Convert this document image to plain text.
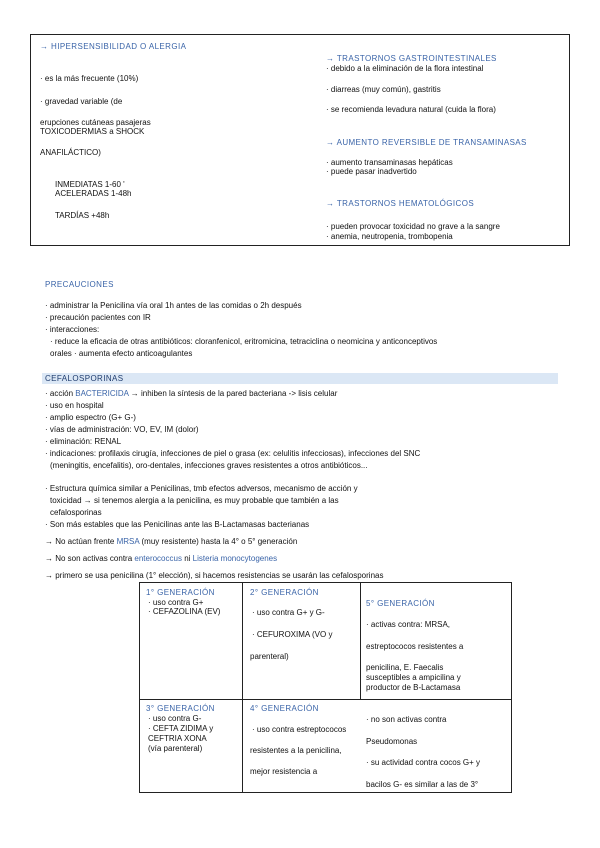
→ HIPERSENSIBILIDAD O ALERGIA
· es la más frecuente (10%)
· gravedad variable (de
erupciones cutáneas pasajeras
TOXICODERMIAS a SHOCK
ANAFILÁCTICO)
INMEDIATAS 1-60 '
ACELERADAS 1-48h
TARDÍAS +48h
→ TRASTORNOS GASTROINTESTINALES
· debido a la eliminación de la flora intestinal
· diarreas (muy común), gastritis
· se recomienda levadura natural (cuida la flora)
→ AUMENTO REVERSIBLE DE TRANSAMINASAS
· aumento transaminasas hepáticas
· puede pasar inadvertido
→ TRASTORNOS HEMATOLÓGICOS
· pueden provocar toxicidad no grave a la sangre
· anemia, neutropenia, trombopenia
PRECAUCIONES
· administrar la Penicilina vía oral 1h antes de las comidas o 2h después
· precaución pacientes con IR
· interacciones:
· reduce la eficacia de otras antibióticos: cloranfenicol, eritromicina, tetraciclina o neomicina y anticonceptivos
orales · aumenta efecto anticoagulantes
CEFALOSPORINAS
· acción BACTERICIDA → inhiben la síntesis de la pared bacteriana -> lisis celular
· uso en hospital
· amplio espectro (G+ G-)
· vías de administración: VO, EV, IM (dolor)
· eliminación: RENAL
· indicaciones: profilaxis cirugía, infecciones de piel o grasa (ex: celulitis infecciosas), infecciones del SNC
(meningitis, encefalitis), oro-dentales, infecciones graves resistentes a otros antibióticos...
· Estructura química similar a Penicilinas, tmb efectos adversos, mecanismo de acción y
toxicidad → si tenemos alergia a la penicilina, es muy probable que también a las
cefalosporinas
· Son más estables que las Penicilinas ante las B-Lactamasas bacterianas
→ No actúan frente MRSA (muy resistente) hasta la 4° o 5° generación
→ No son activas contra enterococcus ni Listeria monocytogenes
→ primero se usa penicilina (1° elección), si hacemos resistencias se usarán las cefalosporinas
1° GENERACIÓN
· uso contra G+
· CEFAZOLINA (EV)
2° GENERACIÓN
· uso contra G+ y G-
· CEFUROXIMA (VO y
parenteral)
5° GENERACIÓN
· activas contra: MRSA,
estreptococos resistentes a
penicilina, E. Faecalis
susceptibles a ampicilina y
productor de B-Lactamasa
3° GENERACIÓN
· uso contra G-
· CEFTA ZIDIMA y
CEFTRIA XONA
(vía parenteral)
4° GENERACIÓN
· uso contra estreptococos
resistentes a la penicilina,
mejor resistencia a
· no son activas contra
Pseudomonas
· su actividad contra cocos G+ y
bacilos G- es similar a las de 3°
